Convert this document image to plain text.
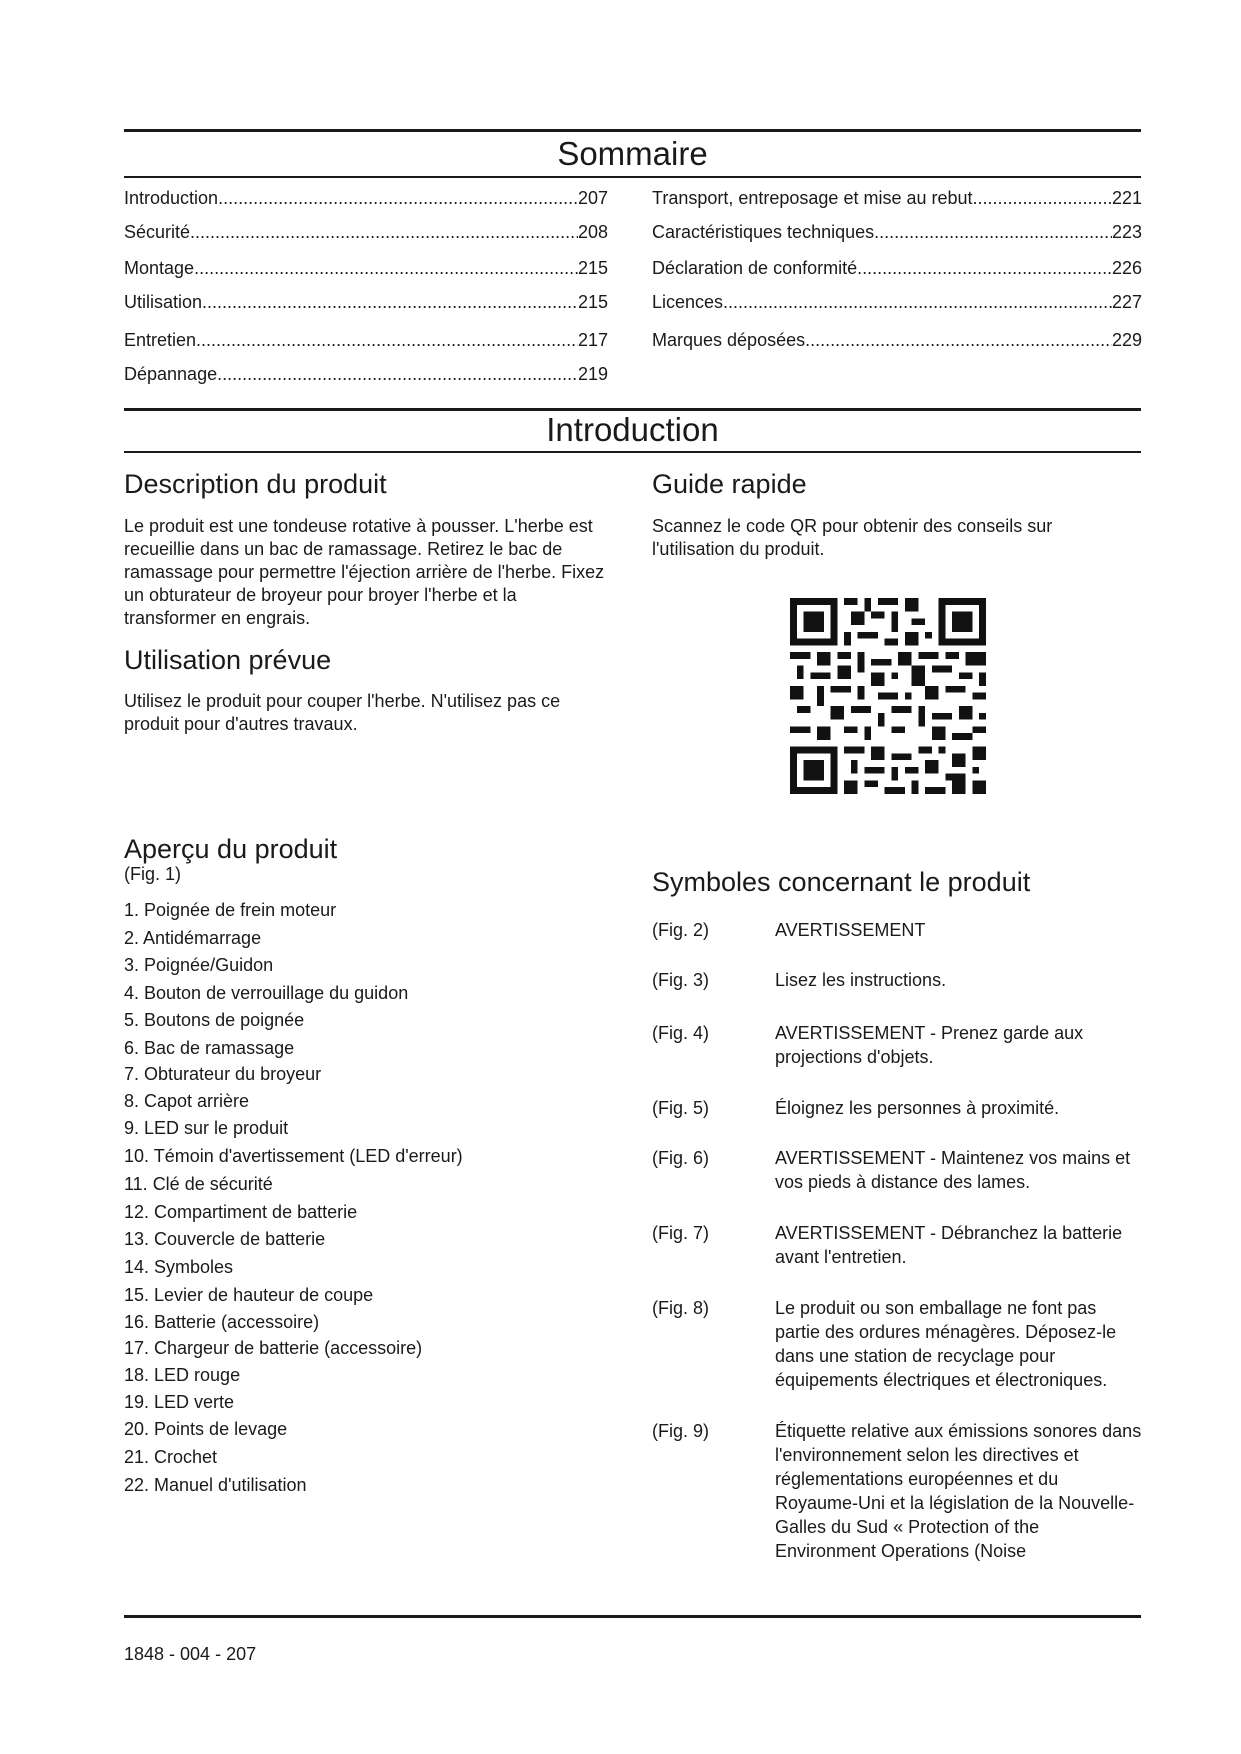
Sommaire
Introduction .....	207
Sécurité .....	208
Montage .....	215
Utilisation .....	215
Entretien .....	217
Dépannage .....	219
Transport, entreposage et mise au rebut .....	221
Caractéristiques techniques .....	223
Déclaration de conformité .....	226
Licences .....	227
Marques déposées .....	229
Introduction
Description du produit

Le produit est une tondeuse rotative à pousser. L'herbe est recueillie dans un bac de ramassage. Retirez le bac de ramassage pour permettre l'éjection arrière de l'herbe. Fixez un obturateur de broyeur pour broyer l'herbe et la transformer en engrais.

Utilisation prévue

Utilisez le produit pour couper l'herbe. N'utilisez pas ce produit pour d'autres travaux.

Aperçu du produit
(Fig. 1)
1. Poignée de frein moteur
2. Antidémarrage
3. Poignée/Guidon
4. Bouton de verrouillage du guidon
5. Boutons de poignée
6. Bac de ramassage
7. Obturateur du broyeur
8. Capot arrière
9. LED sur le produit
10. Témoin d'avertissement (LED d'erreur)
11. Clé de sécurité
12. Compartiment de batterie
13. Couvercle de batterie
14. Symboles
15. Levier de hauteur de coupe
16. Batterie (accessoire)
17. Chargeur de batterie (accessoire)
18. LED rouge
19. LED verte
20. Points de levage
21. Crochet
22. Manuel d'utilisation
Guide rapide

Scannez le code QR pour obtenir des conseils sur l'utilisation du produit.

Symboles concernant le produit
(Fig. 2)	AVERTISSEMENT
(Fig. 3)	Lisez les instructions.
(Fig. 4)	AVERTISSEMENT - Prenez garde aux projections d'objets.
(Fig. 5)	Éloignez les personnes à proximité.
(Fig. 6)	AVERTISSEMENT - Maintenez vos mains et vos pieds à distance des lames.
(Fig. 7)	AVERTISSEMENT - Débranchez la batterie avant l'entretien.
(Fig. 8)	Le produit ou son emballage ne font pas partie des ordures ménagères. Déposez-le dans une station de recyclage pour équipements électriques et électroniques.
(Fig. 9)	Étiquette relative aux émissions sonores dans l'environnement selon les directives et réglementations européennes et du Royaume-Uni et la législation de la Nouvelle-Galles du Sud « Protection of the Environment Operations (Noise
1848 - 004 - 207
